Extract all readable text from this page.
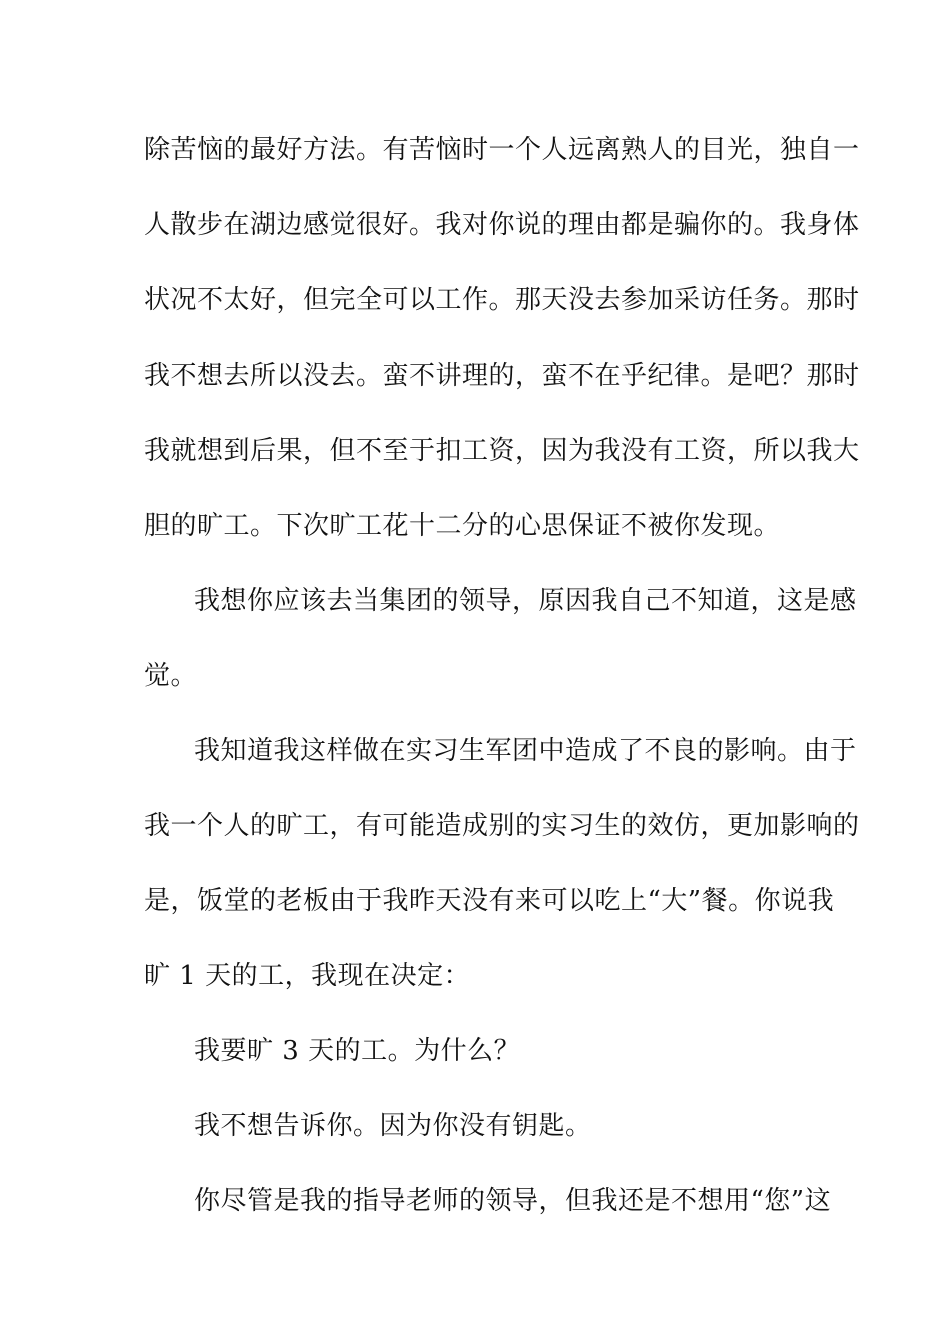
除苦恼的最好方法。有苦恼时一个人远离熟人的目光，独自一
人散步在湖边感觉很好。我对你说的理由都是骗你的。我身体
状况不太好，但完全可以工作。那天没去参加采访任务。那时
我不想去所以没去。蛮不讲理的，蛮不在乎纪律。是吧？那时
我就想到后果，但不至于扣工资，因为我没有工资，所以我大
胆的旷工。下次旷工花十二分的心思保证不被你发现。
我想你应该去当集团的领导，原因我自己不知道，这是感
觉。
我知道我这样做在实习生军团中造成了不良的影响。由于
我一个人的旷工，有可能造成别的实习生的效仿，更加影响的
是，饭堂的老板由于我昨天没有来可以吃上“大”餐。你说我
旷 1 天的工，我现在决定：
我要旷 3 天的工。为什么？
我不想告诉你。因为你没有钥匙。
你尽管是我的指导老师的领导，但我还是不想用“您”这
